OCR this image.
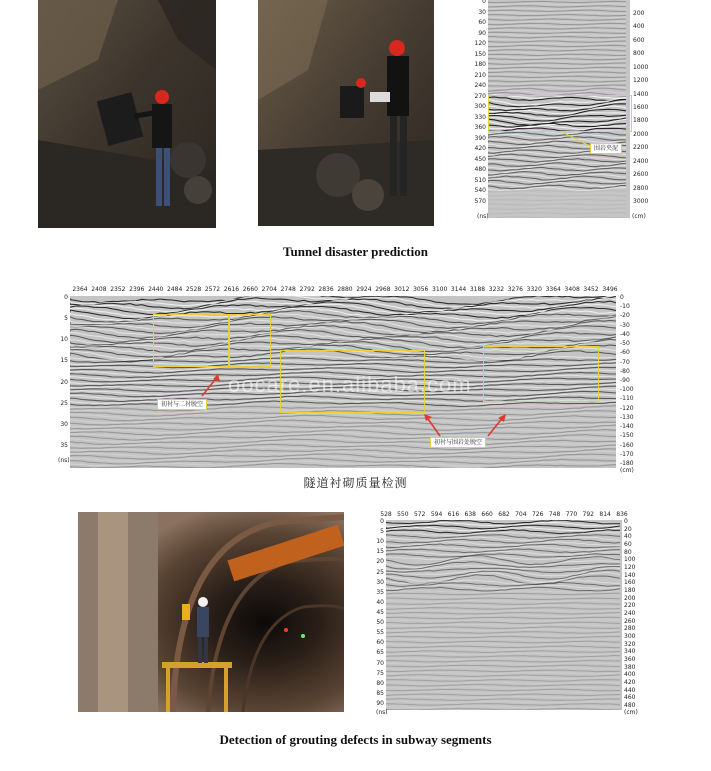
0
30
60
90
120
150
180
210
240
270
300
330
360
390
420
450
480
510
540
570
200
400
600
800
1000
1200
1400
1600
1800
2000
2200
2400
2600
2800
3000
(ns)	(cm)
围岩夹泥
Tunnel disaster prediction
2364 2408 2352 2396 2440 2484 2528 2572 2616 2660 2704 2748 2792 2836 2880 2924 2968 3012 3056 3100 3144 3188 3232 3276 3320 3364 3408 3452 3496
0
5
10
15
20
25
30
35
0
-10
-20
-30
-40
-50
-60
-70
-80
-90
-100
-110
-120
-130
-140
-150
-160
-170
-180
(ns)
(cm)
初衬与二衬脱空
初衬与围岩处脱空
oocare.en.alibaba.com
隧道衬砌质量检测
528 550 572 594 616 638 660 682 704 726 748 770 792 814 836
0
5
10
15
20
25
30
35
40
45
50
55
60
65
70
75
80
85
90
0
20
40
60
80
100
120
140
160
180
200
220
240
260
280
300
320
340
360
380
400
420
440
460
480
(ns)	(cm)
Detection of grouting defects in subway segments
